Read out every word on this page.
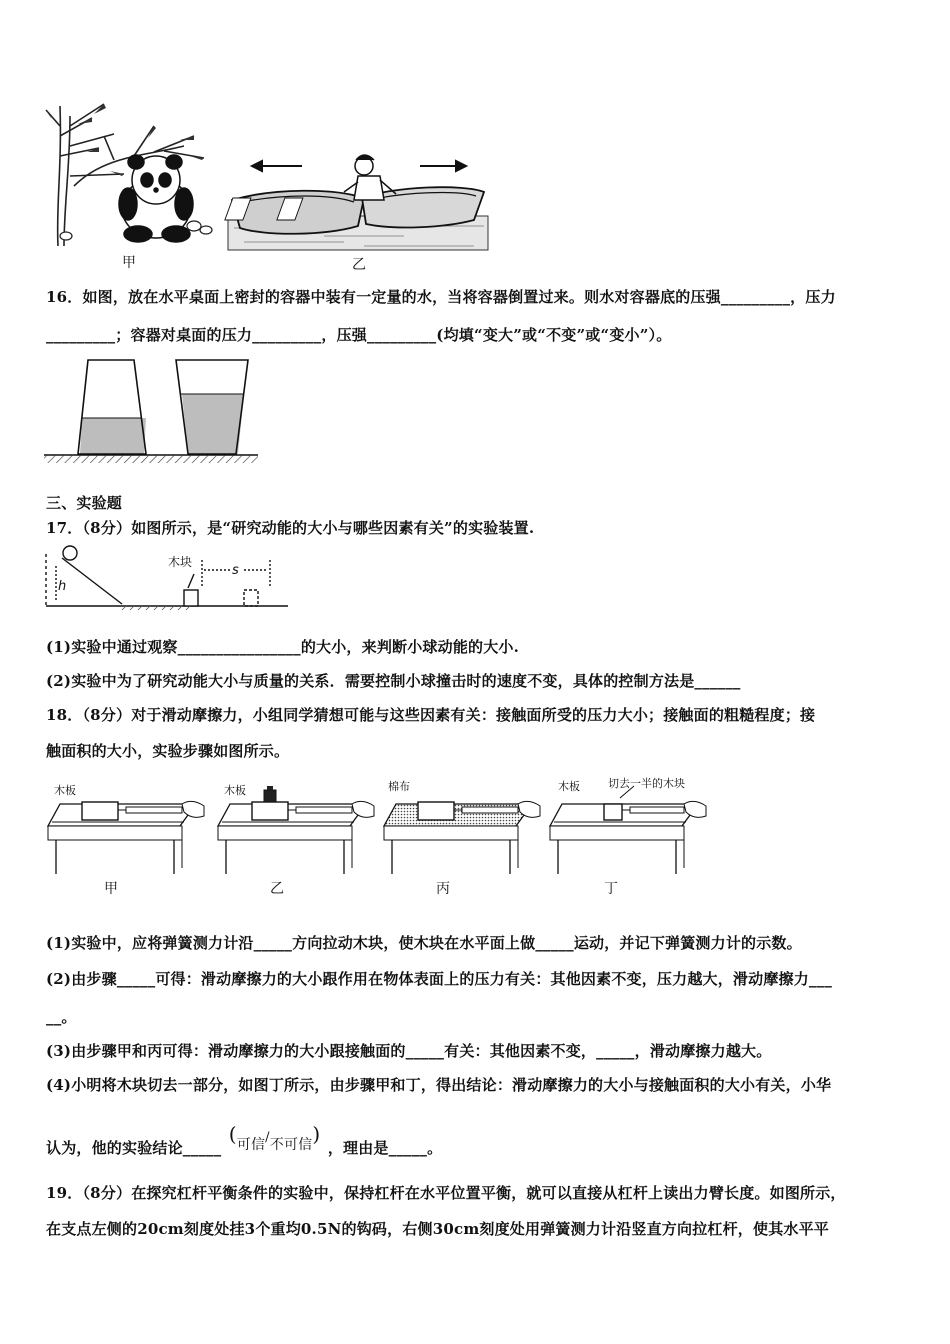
甲	乙
16．如图，放在水平桌面上密封的容器中装有一定量的水，当将容器倒置过来。则水对容器底的压强_________，压力
_________；容器对桌面的压力_________，压强_________(均填“变大”或“不变”或“变小”）。
三、实验题
17．（8分）如图所示，是“研究动能的大小与哪些因素有关”的实验装置.
木块
s
h
(1)实验中通过观察________________的大小，来判断小球动能的大小.
(2)实验中为了研究动能大小与质量的关系．需要控制小球撞击时的速度不变，具体的控制方法是______
18．（8分）对于滑动摩擦力，小组同学猜想可能与这些因素有关：接触面所受的压力大小；接触面的粗糙程度；接
触面积的大小，实验步骤如图所示。
木板
甲
木板
乙
棉布
丙
木板	切去一半的木块
丁
(1)实验中，应将弹簧测力计沿_____方向拉动木块，使木块在水平面上做_____运动，并记下弹簧测力计的示数。
(2)由步骤_____可得：滑动摩擦力的大小跟作用在物体表面上的压力有关：其他因素不变，压力越大，滑动摩擦力___
__。
(3)由步骤甲和丙可得：滑动摩擦力的大小跟接触面的_____有关：其他因素不变，_____，滑动摩擦力越大。
(4)小明将木块切去一部分，如图丁所示，由步骤甲和丁，得出结论：滑动摩擦力的大小与接触面积的大小有关，小华
认为，他的实验结论_____ (可信/不可信) ，理由是_____。
19．（8分）在探究杠杆平衡条件的实验中，保持杠杆在水平位置平衡，就可以直接从杠杆上读出力臂长度。如图所示，
在支点左侧的20cm刻度处挂3个重均0.5N的钩码，右侧30cm刻度处用弹簧测力计沿竖直方向拉杠杆，使其水平平
